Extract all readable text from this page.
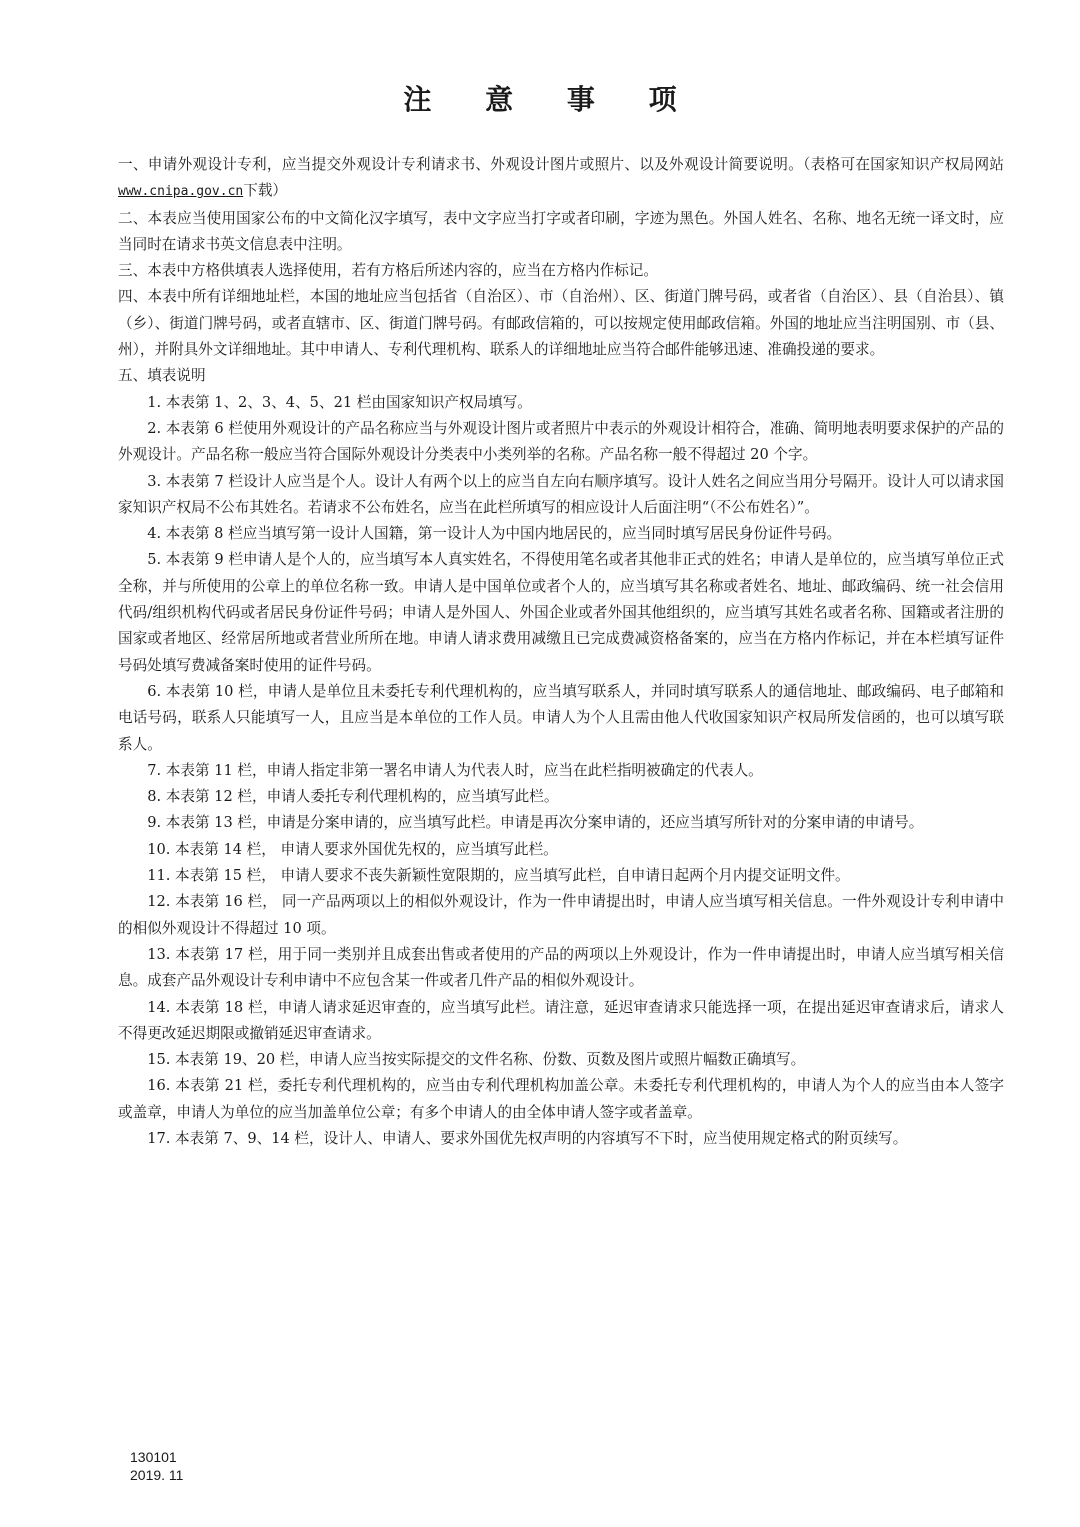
注 意 事 项

一、申请外观设计专利，应当提交外观设计专利请求书、外观设计图片或照片、以及外观设计简要说明。（表格可在国家知识产权局网站www.cnipa.gov.cn下载）

二、本表应当使用国家公布的中文简化汉字填写，表中文字应当打字或者印刷，字迹为黑色。外国人姓名、名称、地名无统一译文时，应当同时在请求书英文信息表中注明。

三、本表中方格供填表人选择使用，若有方格后所述内容的，应当在方格内作标记。

四、本表中所有详细地址栏，本国的地址应当包括省（自治区）、市（自治州）、区、街道门牌号码，或者省（自治区）、县（自治县）、镇（乡）、街道门牌号码，或者直辖市、区、街道门牌号码。有邮政信箱的，可以按规定使用邮政信箱。外国的地址应当注明国别、市（县、州），并附具外文详细地址。其中申请人、专利代理机构、联系人的详细地址应当符合邮件能够迅速、准确投递的要求。

五、填表说明

1. 本表第 1、2、3、4、5、21 栏由国家知识产权局填写。

2. 本表第 6 栏使用外观设计的产品名称应当与外观设计图片或者照片中表示的外观设计相符合，准确、简明地表明要求保护的产品的外观设计。产品名称一般应当符合国际外观设计分类表中小类列举的名称。产品名称一般不得超过 20 个字。

3. 本表第 7 栏设计人应当是个人。设计人有两个以上的应当自左向右顺序填写。设计人姓名之间应当用分号隔开。设计人可以请求国家知识产权局不公布其姓名。若请求不公布姓名，应当在此栏所填写的相应设计人后面注明“（不公布姓名）”。

4. 本表第 8 栏应当填写第一设计人国籍，第一设计人为中国内地居民的，应当同时填写居民身份证件号码。

5. 本表第 9 栏申请人是个人的，应当填写本人真实姓名，不得使用笔名或者其他非正式的姓名；申请人是单位的，应当填写单位正式全称，并与所使用的公章上的单位名称一致。申请人是中国单位或者个人的，应当填写其名称或者姓名、地址、邮政编码、统一社会信用代码/组织机构代码或者居民身份证件号码；申请人是外国人、外国企业或者外国其他组织的，应当填写其姓名或者名称、国籍或者注册的国家或者地区、经常居所地或者营业所所在地。申请人请求费用减缴且已完成费减资格备案的，应当在方格内作标记，并在本栏填写证件号码处填写费减备案时使用的证件号码。

6. 本表第 10 栏，申请人是单位且未委托专利代理机构的，应当填写联系人，并同时填写联系人的通信地址、邮政编码、电子邮箱和电话号码，联系人只能填写一人，且应当是本单位的工作人员。申请人为个人且需由他人代收国家知识产权局所发信函的，也可以填写联系人。

7. 本表第 11 栏，申请人指定非第一署名申请人为代表人时，应当在此栏指明被确定的代表人。

8. 本表第 12 栏，申请人委托专利代理机构的，应当填写此栏。

9. 本表第 13 栏，申请是分案申请的，应当填写此栏。申请是再次分案申请的，还应当填写所针对的分案申请的申请号。

10. 本表第 14 栏， 申请人要求外国优先权的，应当填写此栏。

11. 本表第 15 栏， 申请人要求不丧失新颖性宽限期的，应当填写此栏，自申请日起两个月内提交证明文件。

12. 本表第 16 栏， 同一产品两项以上的相似外观设计，作为一件申请提出时，申请人应当填写相关信息。一件外观设计专利申请中的相似外观设计不得超过 10 项。

13. 本表第 17 栏，用于同一类别并且成套出售或者使用的产品的两项以上外观设计，作为一件申请提出时，申请人应当填写相关信息。成套产品外观设计专利申请中不应包含某一件或者几件产品的相似外观设计。

14. 本表第 18 栏，申请人请求延迟审查的，应当填写此栏。请注意，延迟审查请求只能选择一项，在提出延迟审查请求后，请求人不得更改延迟期限或撤销延迟审查请求。

15. 本表第 19、20 栏，申请人应当按实际提交的文件名称、份数、页数及图片或照片幅数正确填写。

16. 本表第 21 栏，委托专利代理机构的，应当由专利代理机构加盖公章。未委托专利代理机构的，申请人为个人的应当由本人签字或盖章，申请人为单位的应当加盖单位公章；有多个申请人的由全体申请人签字或者盖章。

17. 本表第 7、9、14 栏，设计人、申请人、要求外国优先权声明的内容填写不下时，应当使用规定格式的附页续写。

130101
2019. 11
